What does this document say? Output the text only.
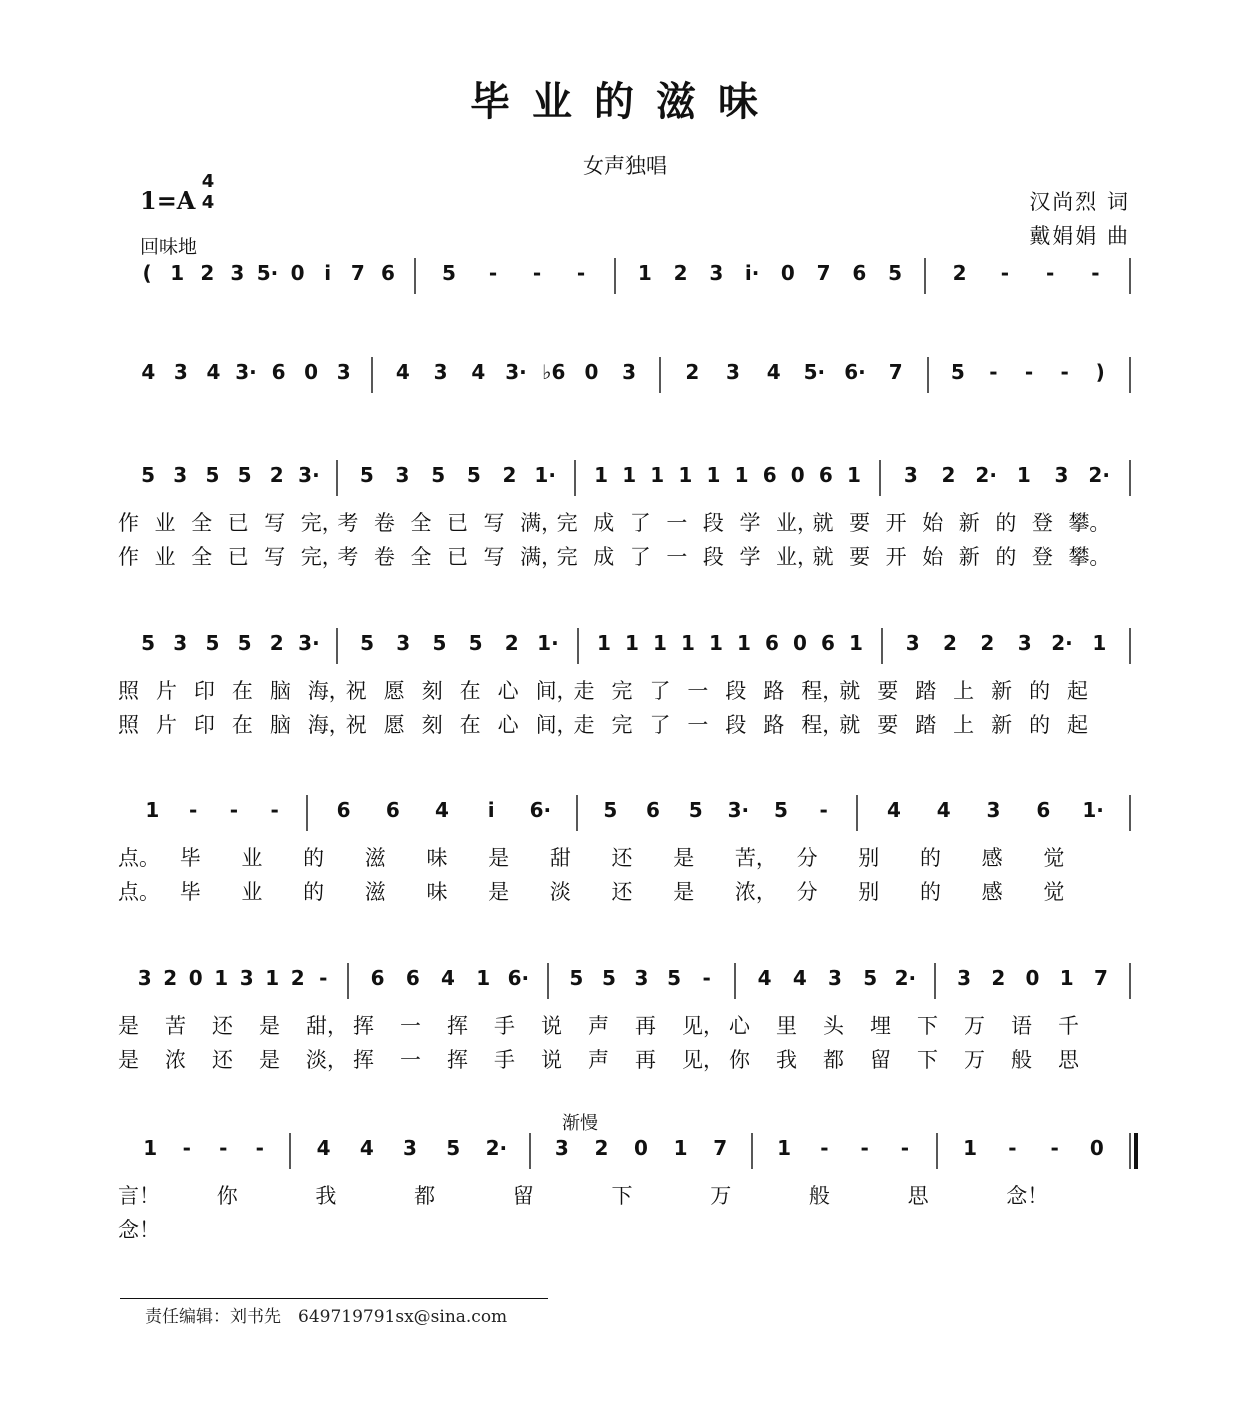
毕业的滋味
女声独唱
1=A
4
4
回味地
汉尚烈 词
戴娟娟 曲
( 1 2 3 5· 0 i 7 6 5 - - -	1 2 3 i· 0 7 6 5	2 - - -
4 3 4 3· 6 0 3 4 3 4 3· ♭6 0 3 2 3 4 5· 6· 7 5 - - - )
5 3 5 5 2 3· 5 3 5 5 2 1· 1 1 1 1 1 1 6 0 6 1 3 2 2· 1 3 2·
作 业 全 已 写 完，
考 卷 全 已 写 满，
完 成 了 一 段 学 业，
就 要 开 始 新 的 登 攀。
作 业 全 已 写 完，
考 卷 全 已 写 满，
完 成 了 一 段 学 业，
就 要 开 始 新 的 登 攀。
5 3 5 5 2 3· 5 3 5 5 2 1· 1 1 1 1 1 1 6 0 6 1 3 2 2 3 2· 1
照 片 印 在 脑 海，
祝 愿 刻 在 心 间，
走 完 了 一 段 路 程，
就 要 踏 上 新 的 起
照 片 印 在 脑 海，
祝 愿 刻 在 心 间，
走 完 了 一 段 路 程，
就 要 踏 上 新 的 起
1 - - -	6 6 4 i 6·	5 6 5 3· 5 -	4 4 3 6 1·
点。 毕 业 的 滋 味 是 甜 还 是 苦， 分 别 的 感 觉
点。 毕 业 的 滋 味 是 淡 还 是 浓， 分 别 的 感 觉
3 2 0 1 3 1 2 - 6 6 4 1 6· 5 5 3 5 - 4 4 3 5 2· 3 2 0 1 7
是 苦 还 是 甜， 挥 一 挥 手 说 声 再 见， 心 里 头 埋 下 万 语 千
是 浓 还 是 淡， 挥 一 挥 手 说 声 再 见， 你 我 都 留 下 万 般 思
1 - - -	4 4 3 5 2· 3 2 0 1 7	1 - - -	1 - - 0
言！	你	我	都	留	下	万	般	思	念！
念！
渐慢
责任编辑：刘书先　649719791sx@sina.com
